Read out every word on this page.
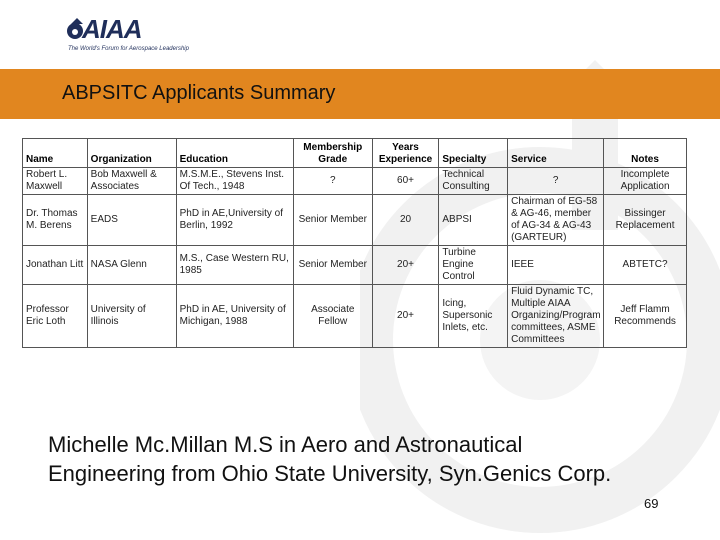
AIAA
The World's Forum for Aerospace Leadership
ABPSITC Applicants Summary
Name	Organization	Education	Membership Grade	Years Experience	Specialty	Service	Notes
Robert L. Maxwell	Bob Maxwell & Associates	M.S.M.E., Stevens Inst. Of Tech., 1948	?	60+	Technical Consulting	?	Incomplete Application
Dr. Thomas M. Berens	EADS	PhD in AE,University of Berlin, 1992	Senior Member	20	ABPSI	Chairman of EG-58 & AG-46, member of AG-34 & AG-43 (GARTEUR)	Bissinger Replacement
Jonathan Litt	NASA Glenn	M.S., Case Western RU, 1985	Senior Member	20+	Turbine Engine Control	IEEE	ABTETC?
Professor Eric Loth	University of Illinois	PhD in AE, University of Michigan, 1988	Associate Fellow	20+	Icing, Supersonic Inlets, etc.	Fluid Dynamic TC, Multiple AIAA Organizing/Program committees, ASME Committees	Jeff Flamm Recommends
Michelle Mc.Millan M.S in Aero and Astronautical Engineering from Ohio State University, Syn.Genics Corp.
69
